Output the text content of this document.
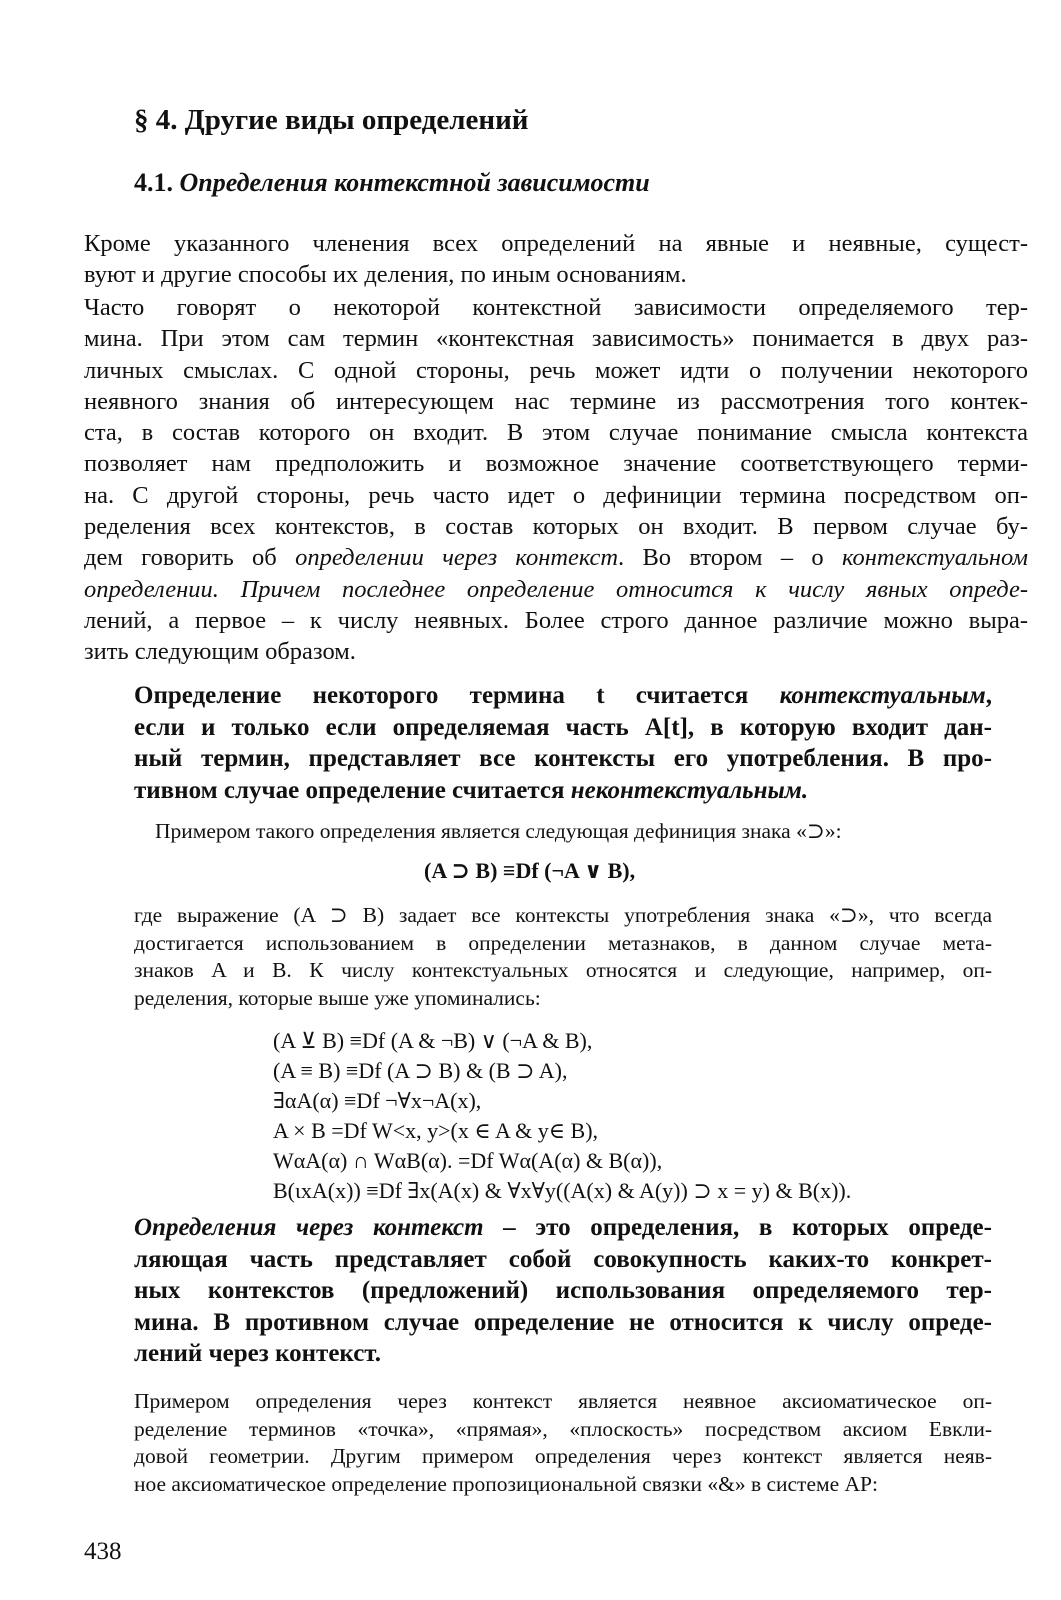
§ 4. Другие виды определений
4.1. Определения контекстной зависимости

Кроме указанного членения всех определений на явные и неявные, сущест-
вуют и другие способы их деления, по иным основаниям.

Часто говорят о некоторой контекстной зависимости определяемого тер-
мина. При этом сам термин «контекстная зависимость» понимается в двух раз-
личных смыслах. С одной стороны, речь может идти о получении некоторого
неявного знания об интересующем нас термине из рассмотрения того контек-
ста, в состав которого он входит. В этом случае понимание смысла контекста
позволяет нам предположить и возможное значение соответствующего терми-
на. С другой стороны, речь часто идет о дефиниции термина посредством оп-
ределения всех контекстов, в состав которых он входит. В первом случае бу-
дем говорить об определении через контекст. Во втором – о контекстуальном
определении. Причем последнее определение относится к числу явных опреде-
лений, а первое – к числу неявных. Более строго данное различие можно выра-
зить следующим образом.

Определение некоторого термина t считается контекстуальным,
если и только если определяемая часть A[t], в которую входит дан-
ный термин, представляет все контексты его употребления. В про-
тивном случае определение считается неконтекстуальным.

Примером такого определения является следующая дефиниция знака «⊃»:

(A ⊃ B) ≡Df (¬A ∨ B),

где выражение (A ⊃ B) задает все контексты употребления знака «⊃», что всегда
достигается использованием в определении метазнаков, в данном случае мета-
знаков A и B. К числу контекстуальных относятся и следующие, например, оп-
ределения, которые выше уже упоминались:

(A ⊻ B) ≡Df (A & ¬B) ∨ (¬A & B),
(A ≡ B) ≡Df (A ⊃ B) & (B ⊃ A),
∃αA(α) ≡Df ¬∀x¬A(x),
A × B =Df W<x, y>(x ∈ A & y∈ B),
WαA(α) ∩ WαB(α). =Df Wα(A(α) & B(α)),
B(ιxA(x)) ≡Df ∃x(A(x) & ∀x∀y((A(x) & A(y)) ⊃ x = y) & B(x)).

Определения через контекст – это определения, в которых опреде-
ляющая часть представляет собой совокупность каких-то конкрет-
ных контекстов (предложений) использования определяемого тер-
мина. В противном случае определение не относится к числу опреде-
лений через контекст.

Примером определения через контекст является неявное аксиоматическое оп-
ределение терминов «точка», «прямая», «плоскость» посредством аксиом Евкли-
довой геометрии. Другим примером определения через контекст является неяв-
ное аксиоматическое определение пропозициональной связки «&» в системе AP:

438
